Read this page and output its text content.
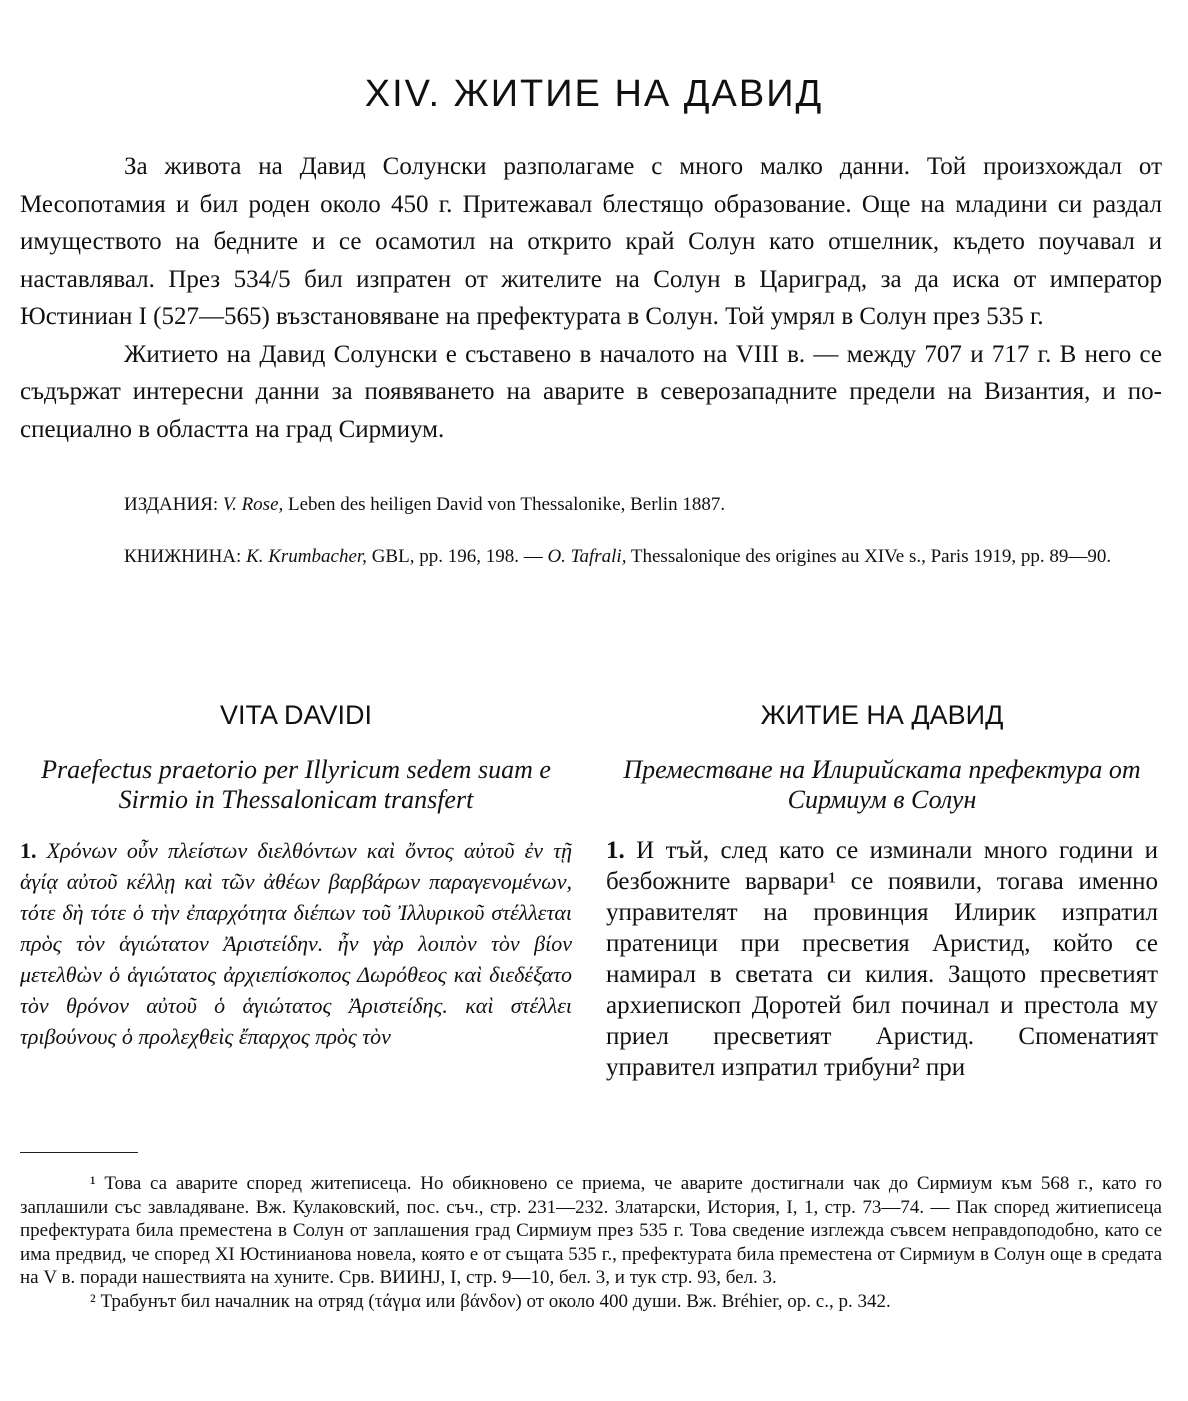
XIV. ЖИТИЕ НА ДАВИД

За живота на Давид Солунски разполагаме с много малко данни. Той произхождал от Месопотамия и бил роден около 450 г. Притежавал блестящо образование. Още на младини си раздал имуществото на бедните и се осамотил на открито край Солун като отшелник, където поучавал и наставлявал. През 534/5 бил изпратен от жителите на Солун в Цариград, за да иска от император Юстиниан I (527—565) възстановяване на префектурата в Солун. Той умрял в Солун през 535 г.

Житието на Давид Солунски е съставено в началото на VIII в. — между 707 и 717 г. В него се съдържат интересни данни за появяването на аварите в северозападните предели на Византия, и по-специално в областта на град Сирмиум.

ИЗДАНИЯ: V. Rose, Leben des heiligen David von Thessalonike, Berlin 1887.

КНИЖНИНА: K. Krumbacher, GBL, pp. 196, 198. — O. Tafrali, Thessalonique des origines au XIVe s., Paris 1919, pp. 89—90.

VITA DAVIDI

Praefectus praetorio per Illyricum sedem suam e Sirmio in Thessalonicam transfert

1. Χρόνων οὖν πλείστων διελθόντων καὶ ὄντος αὐτοῦ ἐν τῇ ἁγίᾳ αὐτοῦ κέλλῃ καὶ τῶν ἀθέων βαρβάρων παραγενομένων, τότε δὴ τότε ὁ τὴν ἐπαρχότητα διέπων τοῦ Ἰλλυρικοῦ στέλλεται πρὸς τὸν ἁγιώτατον Ἀριστείδην. ἦν γὰρ λοιπὸν τὸν βίον μετελθὼν ὁ ἁγιώτατος ἀρχιεπίσκοπος Δωρόθεος καὶ διεδέξατο τὸν θρόνον αὐτοῦ ὁ ἁγιώτατος Ἀριστείδης. καὶ στέλλει τριβούνους ὁ προλεχθεὶς ἔπαρχος πρὸς τὸν

ЖИТИЕ НА ДАВИД

Преместване на Илирийската префектура от Сирмиум в Солун

1. И тъй, след като се изминали много години и безбожните варвари¹ се появили, тогава именно управителят на провинция Илирик изпратил пратеници при пресветия Аристид, който се намирал в светата си килия. Защото пресветият архиепископ Доротей бил починал и престола му приел пресветият Аристид. Споменатият управител изпратил трибуни² при

¹ Това са аварите според житеписеца. Но обикновено се приема, че аварите достигнали чак до Сирмиум към 568 г., като го заплашили със завладяване. Вж. Кулаковский, пос. съч., стр. 231—232. Златарски, История, I, 1, стр. 73—74. — Пак според житиеписеца префектурата била преместена в Солун от заплашения град Сирмиум през 535 г. Това сведение изглежда съвсем неправдоподобно, като се има предвид, че според XI Юстинианова новела, която е от същата 535 г., префектурата била преместена от Сирмиум в Солун още в средата на V в. поради нашествията на хуните. Срв. ВИИНЈ, I, стр. 9—10, бел. 3, и тук стр. 93, бел. 3.

² Трабунът бил началник на отряд (τάγμα или βάνδον) от около 400 души. Вж. Bréhier, op. c., p. 342.
